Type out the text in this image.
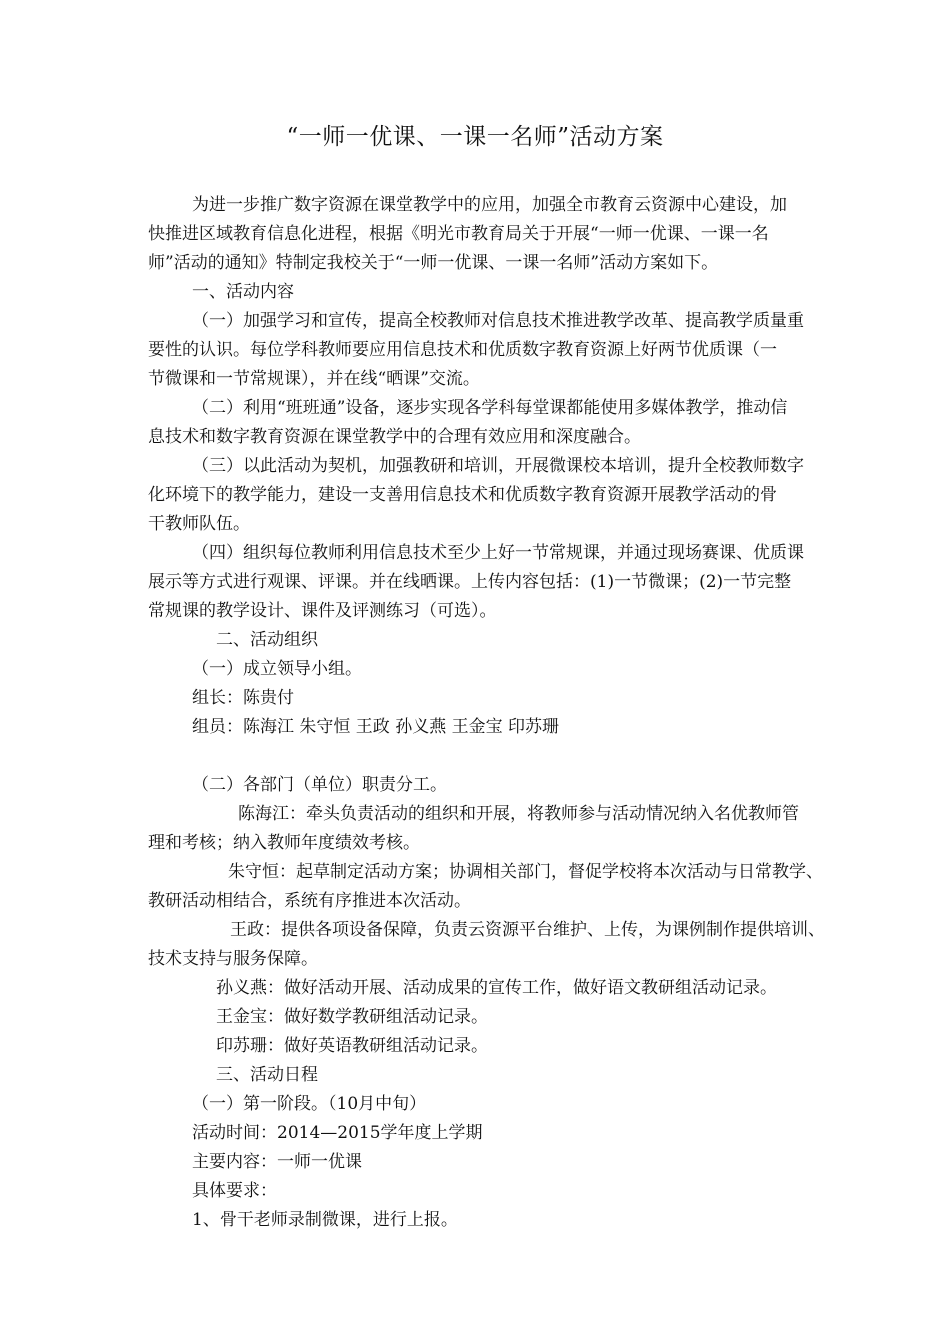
“一师一优课、一课一名师”活动方案

为进一步推广数字资源在课堂教学中的应用，加强全市教育云资源中心建设，加

快推进区域教育信息化进程，根据《明光市教育局关于开展“一师一优课、一课一名

师”活动的通知》特制定我校关于“一师一优课、一课一名师”活动方案如下。

一、活动内容

（一）加强学习和宣传，提高全校教师对信息技术推进教学改革、提高教学质量重

要性的认识。每位学科教师要应用信息技术和优质数字教育资源上好两节优质课（一

节微课和一节常规课），并在线“晒课”交流。

（二）利用“班班通”设备，逐步实现各学科每堂课都能使用多媒体教学，推动信

息技术和数字教育资源在课堂教学中的合理有效应用和深度融合。

（三）以此活动为契机，加强教研和培训，开展微课校本培训，提升全校教师数字

化环境下的教学能力，建设一支善用信息技术和优质数字教育资源开展教学活动的骨

干教师队伍。

（四）组织每位教师利用信息技术至少上好一节常规课，并通过现场赛课、优质课

展示等方式进行观课、评课。并在线晒课。上传内容包括：(1)一节微课；(2)一节完整

常规课的教学设计、课件及评测练习（可选）。

二、活动组织

（一）成立领导小组。

组长：陈贵付

组员：陈海江 朱守恒 王政 孙义燕 王金宝 印苏珊

（二）各部门（单位）职责分工。

陈海江：牵头负责活动的组织和开展，将教师参与活动情况纳入名优教师管

理和考核；纳入教师年度绩效考核。

朱守恒：起草制定活动方案；协调相关部门，督促学校将本次活动与日常教学、

教研活动相结合，系统有序推进本次活动。

王政：提供各项设备保障，负责云资源平台维护、上传，为课例制作提供培训、

技术支持与服务保障。

孙义燕：做好活动开展、活动成果的宣传工作，做好语文教研组活动记录。

王金宝：做好数学教研组活动记录。

印苏珊：做好英语教研组活动记录。

三、活动日程

（一）第一阶段。（10月中旬）

活动时间：2014—2015学年度上学期

主要内容：一师一优课

具体要求：

1、骨干老师录制微课，进行上报。
